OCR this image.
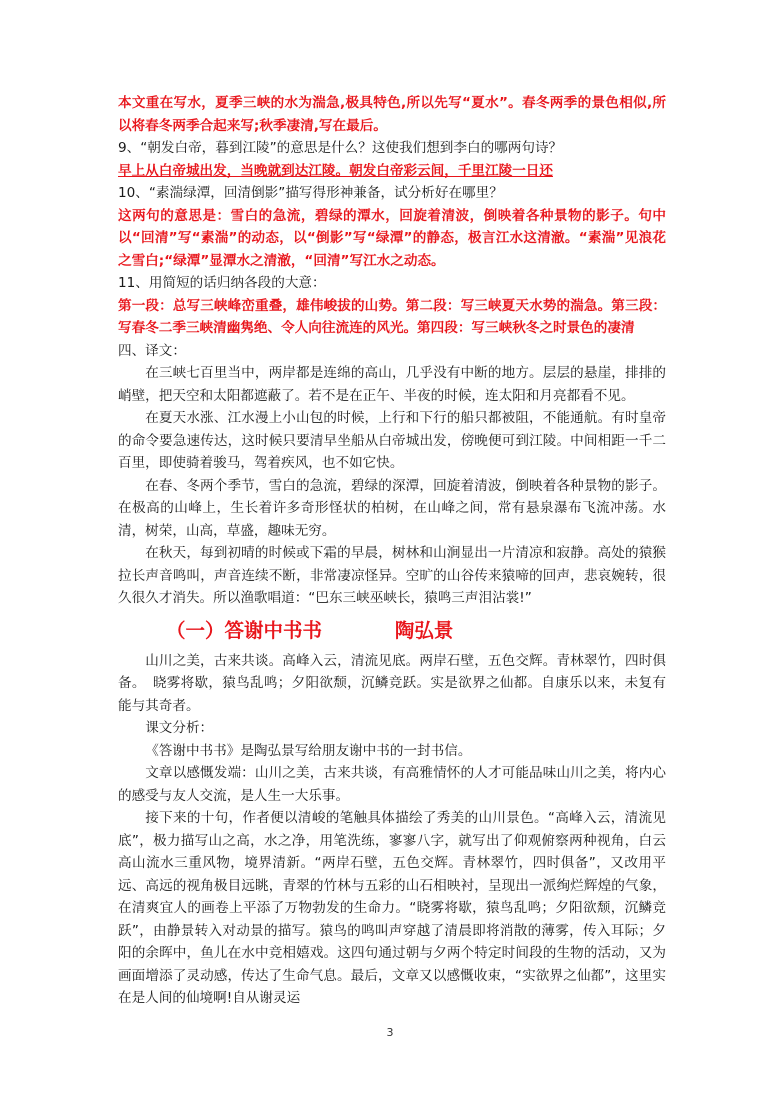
本文重在写水，夏季三峡的水为湍急,极具特色,所以先写“夏水”。春冬两季的景色相似,所以将春冬两季合起来写;秋季凄清,写在最后。

9、“朝发白帝，暮到江陵”的意思是什么？这使我们想到李白的哪两句诗？

早上从白帝城出发，当晚就到达江陵。朝发白帝彩云间，千里江陵一日还

10、“素湍绿潭，回清倒影”描写得形神兼备，试分析好在哪里？

这两句的意思是：雪白的急流，碧绿的潭水，回旋着清波，倒映着各种景物的影子。句中以“回清”写“素湍”的动态，以“倒影”写“绿潭”的静态，极言江水这清澈。“素湍”见浪花之雪白;“绿潭”显潭水之清澈，“回清”写江水之动态。

11、用简短的话归纳各段的大意：

第一段：总写三峡峰峦重叠，雄伟峻拔的山势。第二段：写三峡夏天水势的湍急。第三段：写春冬二季三峡清幽隽绝、令人向往流连的风光。第四段：写三峡秋冬之时景色的凄清

四、译文：

在三峡七百里当中，两岸都是连绵的高山，几乎没有中断的地方。层层的悬崖，排排的峭壁，把天空和太阳都遮蔽了。若不是在正午、半夜的时候，连太阳和月亮都看不见。

在夏天水涨、江水漫上小山包的时候，上行和下行的船只都被阻，不能通航。有时皇帝的命令要急速传达，这时候只要清早坐船从白帝城出发，傍晚便可到江陵。中间相距一千二百里，即使骑着骏马，驾着疾风，也不如它快。

在春、冬两个季节，雪白的急流，碧绿的深潭，回旋着清波，倒映着各种景物的影子。在极高的山峰上，生长着许多奇形怪状的柏树，在山峰之间，常有悬泉瀑布飞流冲荡。水清，树荣，山高，草盛，趣味无穷。

在秋天，每到初晴的时候或下霜的早晨，树林和山涧显出一片清凉和寂静。高处的猿猴拉长声音鸣叫，声音连续不断，非常凄凉怪异。空旷的山谷传来猿啼的回声，悲哀婉转，很久很久才消失。所以渔歌唱道：“巴东三峡巫峡长，猿鸣三声泪沾裳!”

（一）答谢中书书	陶弘景

山川之美，古来共谈。高峰入云，清流见底。两岸石壁，五色交辉。青林翠竹，四时俱备。　晓雾将歇，猿鸟乱鸣；夕阳欲颓，沉鳞竞跃。实是欲界之仙都。自康乐以来，未复有能与其奇者。

课文分析：

《答谢中书书》是陶弘景写给朋友谢中书的一封书信。

文章以感慨发端：山川之美，古来共谈，有高雅情怀的人才可能品味山川之美，将内心的感受与友人交流，是人生一大乐事。

接下来的十句，作者便以清峻的笔触具体描绘了秀美的山川景色。“高峰入云，清流见底”，极力描写山之高，水之净，用笔洗练，寥寥八字，就写出了仰观俯察两种视角，白云高山流水三重风物，境界清新。“两岸石壁，五色交辉。青林翠竹，四时俱备”，又改用平远、高远的视角极目远眺，青翠的竹林与五彩的山石相映衬，呈现出一派绚烂辉煌的气象，在清爽宜人的画卷上平添了万物勃发的生命力。“晓雾将歇，猿鸟乱鸣；夕阳欲颓，沉鳞竞跃”，由静景转入对动景的描写。猿鸟的鸣叫声穿越了清晨即将消散的薄雾，传入耳际；夕阳的余晖中，鱼儿在水中竞相嬉戏。这四句通过朝与夕两个特定时间段的生物的活动，又为画面增添了灵动感，传达了生命气息。最后，文章又以感慨收束，“实欲界之仙都”，这里实在是人间的仙境啊!自从谢灵运

3
